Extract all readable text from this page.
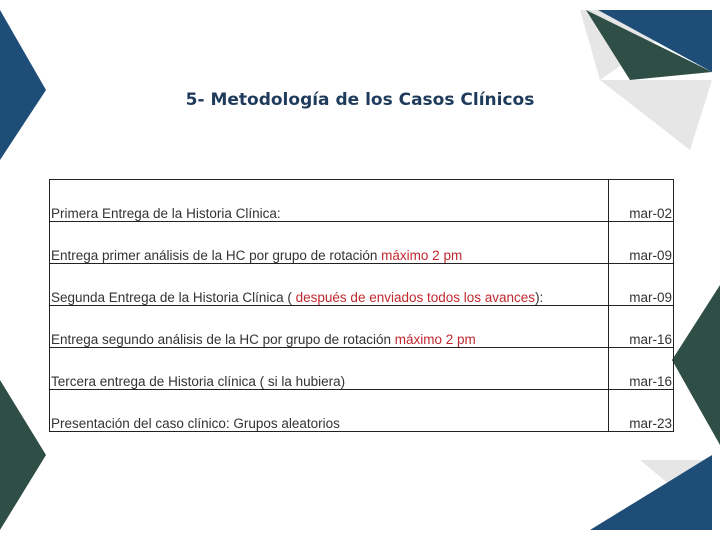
5- Metodología de los Casos Clínicos
Primera Entrega de la Historia Clínica:	mar-02
Entrega primer análisis de la HC por grupo de rotación máximo 2 pm	mar-09
Segunda Entrega de la Historia Clínica ( después de enviados todos los avances):	mar-09
Entrega segundo análisis de la HC por grupo de rotación máximo 2 pm	mar-16
Tercera entrega de Historia clínica ( si la hubiera)	mar-16
Presentación del caso clínico: Grupos aleatorios	mar-23
